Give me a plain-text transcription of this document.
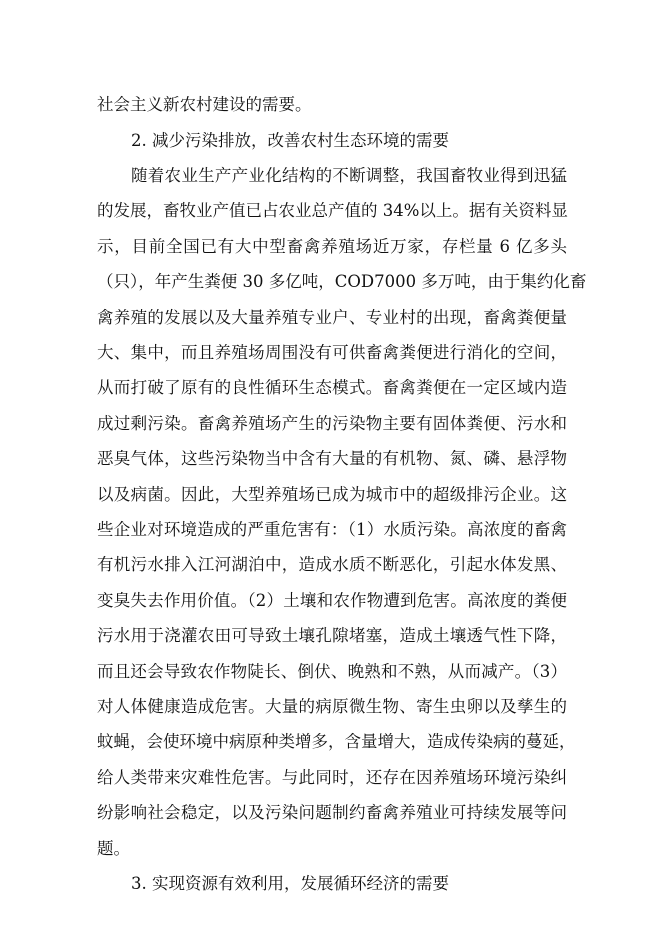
社会主义新农村建设的需要。
2. 减少污染排放，改善农村生态环境的需要
随着农业生产产业化结构的不断调整，我国畜牧业得到迅猛
的发展，畜牧业产值已占农业总产值的 34%以上。据有关资料显
示，目前全国已有大中型畜禽养殖场近万家，存栏量 6 亿多头
（只），年产生粪便 30 多亿吨，COD7000 多万吨，由于集约化畜
禽养殖的发展以及大量养殖专业户、专业村的出现，畜禽粪便量
大、集中，而且养殖场周围没有可供畜禽粪便进行消化的空间，
从而打破了原有的良性循环生态模式。畜禽粪便在一定区域内造
成过剩污染。畜禽养殖场产生的污染物主要有固体粪便、污水和
恶臭气体，这些污染物当中含有大量的有机物、氮、磷、悬浮物
以及病菌。因此，大型养殖场已成为城市中的超级排污企业。这
些企业对环境造成的严重危害有：（1）水质污染。高浓度的畜禽
有机污水排入江河湖泊中，造成水质不断恶化，引起水体发黑、
变臭失去作用价值。（2）土壤和农作物遭到危害。高浓度的粪便
污水用于浇灌农田可导致土壤孔隙堵塞，造成土壤透气性下降，
而且还会导致农作物陡长、倒伏、晚熟和不熟，从而减产。（3）
对人体健康造成危害。大量的病原微生物、寄生虫卵以及孳生的
蚊蝇，会使环境中病原种类增多，含量增大，造成传染病的蔓延，
给人类带来灾难性危害。与此同时，还存在因养殖场环境污染纠
纷影响社会稳定，以及污染问题制约畜禽养殖业可持续发展等问
题。
3. 实现资源有效利用，发展循环经济的需要
